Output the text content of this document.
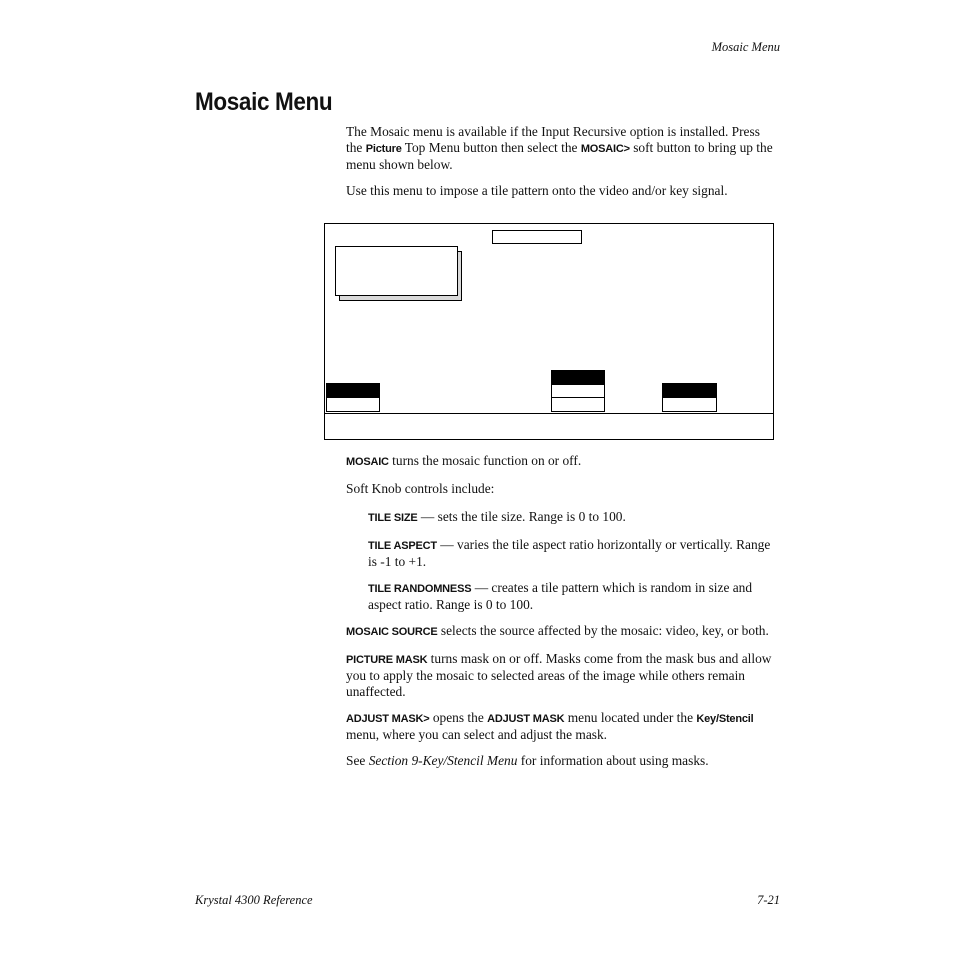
Mosaic Menu
Mosaic Menu
The Mosaic menu is available if the Input Recursive option is installed. Press the Picture Top Menu button then select the MOSAIC> soft button to bring up the menu shown below.
Use this menu to impose a tile pattern onto the video and/or key signal.
MOSAIC turns the mosaic function on or off.
Soft Knob controls include:
TILE SIZE — sets the tile size. Range is 0 to 100.
TILE ASPECT — varies the tile aspect ratio horizontally or vertically. Range is -1 to +1.
TILE RANDOMNESS — creates a tile pattern which is random in size and aspect ratio. Range is 0 to 100.
MOSAIC SOURCE selects the source affected by the mosaic: video, key, or both.
PICTURE MASK turns mask on or off. Masks come from the mask bus and allow you to apply the mosaic to selected areas of the image while others remain unaffected.
ADJUST MASK> opens the ADJUST MASK menu located under the Key/Stencil menu, where you can select and adjust the mask.
See Section 9-Key/Stencil Menu for information about using masks.
Krystal 4300 Reference	7-21
